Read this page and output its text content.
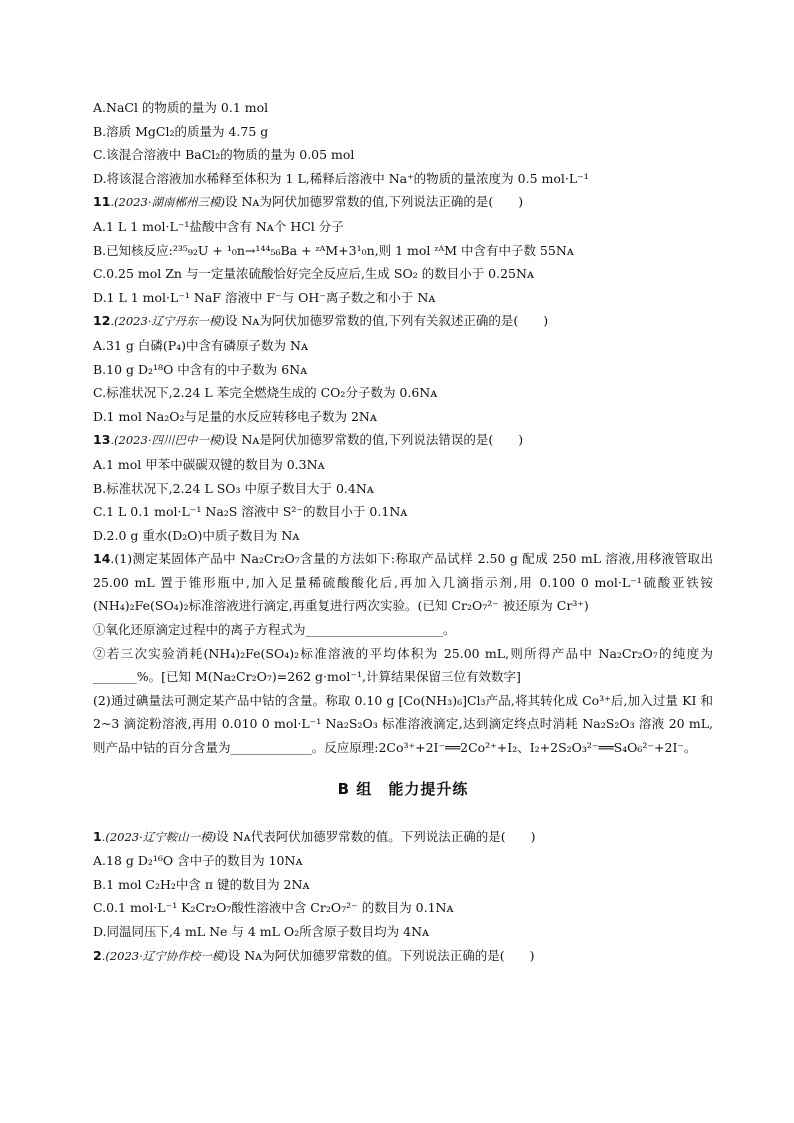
A.NaCl 的物质的量为 0.1 mol
B.溶质 MgCl₂的质量为 4.75 g
C.该混合溶液中 BaCl₂的物质的量为 0.05 mol
D.将该混合溶液加水稀释至体积为 1 L,稀释后溶液中 Na⁺的物质的量浓度为 0.5 mol·L⁻¹
11.(2023·湖南郴州三模)设 Nᴀ为阿伏加德罗常数的值,下列说法正确的是(　　)
A.1 L 1 mol·L⁻¹盐酸中含有 Nᴀ个 HCl 分子
B.已知核反应:²³⁵₉₂U + ¹₀n→¹⁴⁴₅₆Ba + ᶻᴬM+3¹₀n,则 1 mol ᶻᴬM 中含有中子数 55Nᴀ
C.0.25 mol Zn 与一定量浓硫酸恰好完全反应后,生成 SO₂ 的数目小于 0.25Nᴀ
D.1 L 1 mol·L⁻¹ NaF 溶液中 F⁻与 OH⁻离子数之和小于 Nᴀ
12.(2023·辽宁丹东一模)设 Nᴀ为阿伏加德罗常数的值,下列有关叙述正确的是(　　)
A.31 g 白磷(P₄)中含有磷原子数为 Nᴀ
B.10 g D₂¹⁸O 中含有的中子数为 6Nᴀ
C.标准状况下,2.24 L 苯完全燃烧生成的 CO₂分子数为 0.6Nᴀ
D.1 mol Na₂O₂与足量的水反应转移电子数为 2Nᴀ
13.(2023·四川巴中一模)设 Nᴀ是阿伏加德罗常数的值,下列说法错误的是(　　)
A.1 mol 甲苯中碳碳双键的数目为 0.3Nᴀ
B.标准状况下,2.24 L SO₃ 中原子数目大于 0.4Nᴀ
C.1 L 0.1 mol·L⁻¹ Na₂S 溶液中 S²⁻的数目小于 0.1Nᴀ
D.2.0 g 重水(D₂O)中质子数目为 Nᴀ
14.(1)测定某固体产品中 Na₂Cr₂O₇含量的方法如下:称取产品试样 2.50 g 配成 250 mL 溶液,用移液管取出 25.00 mL 置于锥形瓶中,加入足量稀硫酸酸化后,再加入几滴指示剂,用 0.100 0 mol·L⁻¹硫酸亚铁铵(NH₄)₂Fe(SO₄)₂标准溶液进行滴定,再重复进行两次实验。(已知 Cr₂O₇²⁻ 被还原为 Cr³⁺)
①氧化还原滴定过程中的离子方程式为______________________。
②若三次实验消耗(NH₄)₂Fe(SO₄)₂标准溶液的平均体积为 25.00 mL,则所得产品中 Na₂Cr₂O₇的纯度为_______%。[已知 M(Na₂Cr₂O₇)=262 g·mol⁻¹,计算结果保留三位有效数字]
(2)通过碘量法可测定某产品中钴的含量。称取 0.10 g [Co(NH₃)₆]Cl₃产品,将其转化成 Co³⁺后,加入过量 KI 和 2~3 滴淀粉溶液,再用 0.010 0 mol·L⁻¹ Na₂S₂O₃ 标准溶液滴定,达到滴定终点时消耗 Na₂S₂O₃ 溶液 20 mL,则产品中钴的百分含量为_____________。反应原理:2Co³⁺+2I⁻══2Co²⁺+I₂、I₂+2S₂O₃²⁻══S₄O₆²⁻+2I⁻。
B 组　能力提升练
1.(2023·辽宁鞍山一模)设 Nᴀ代表阿伏加德罗常数的值。下列说法正确的是(　　)
A.18 g D₂¹⁶O 含中子的数目为 10Nᴀ
B.1 mol C₂H₂中含 π 键的数目为 2Nᴀ
C.0.1 mol·L⁻¹ K₂Cr₂O₇酸性溶液中含 Cr₂O₇²⁻ 的数目为 0.1Nᴀ
D.同温同压下,4 mL Ne 与 4 mL O₂所含原子数目均为 4Nᴀ
2.(2023·辽宁协作校一模)设 Nᴀ为阿伏加德罗常数的值。下列说法正确的是(　　)
